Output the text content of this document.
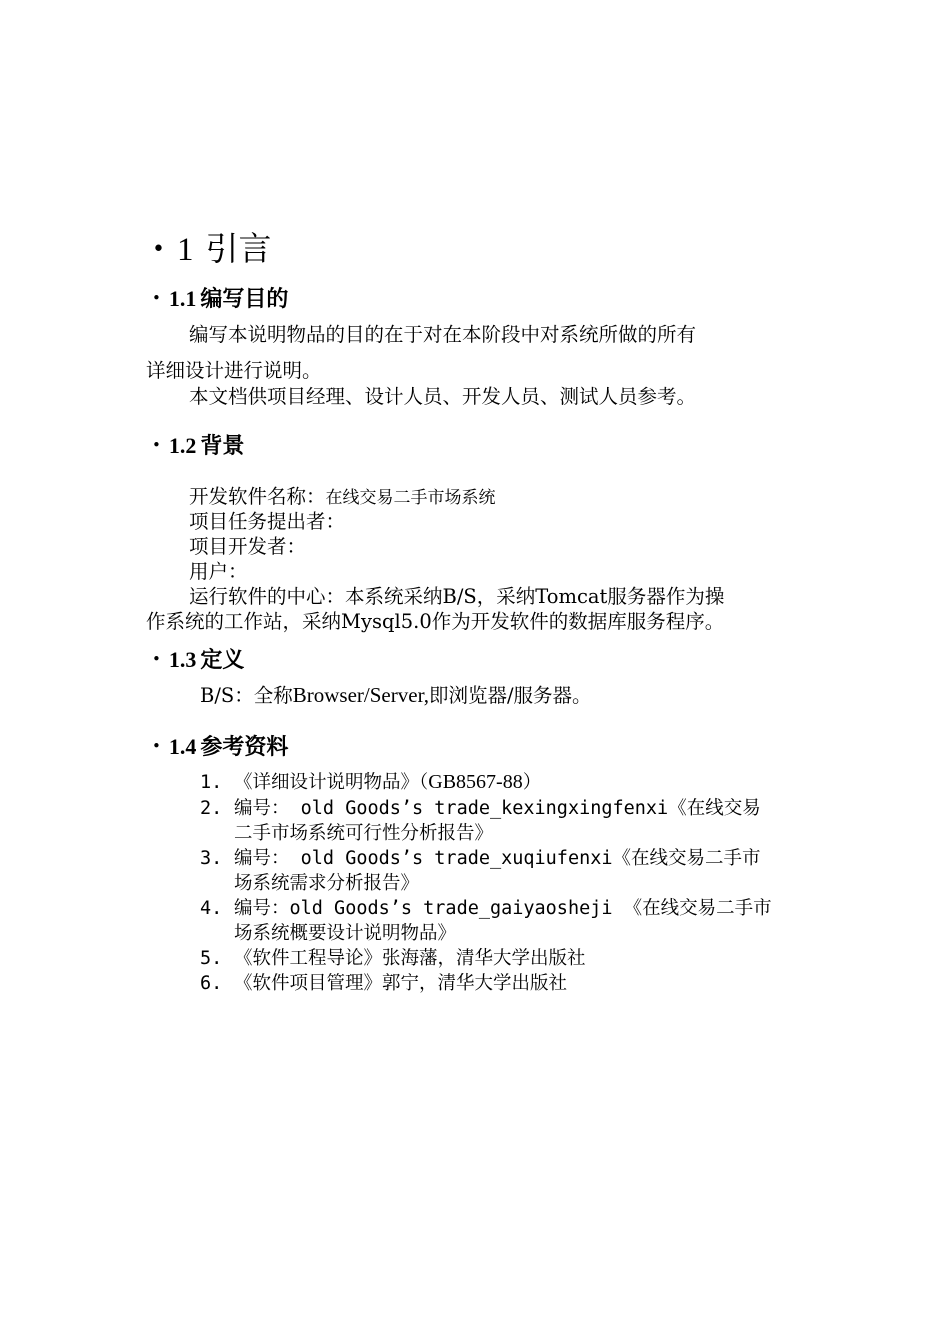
• 1 引言
• 1.1 编写目的
编写本说明物品的目的在于对在本阶段中对系统所做的所有
详细设计进行说明。
本文档供项目经理、设计人员、开发人员、测试人员参考。
• 1.2 背景
开发软件名称：在线交易二手市场系统
项目任务提出者：
项目开发者：
用户：
运行软件的中心：本系统采纳B/S，采纳Tomcat服务器作为操
作系统的工作站，采纳Mysql5.0作为开发软件的数据库服务程序。
• 1.3 定义
B/S：全称Browser/Server,即浏览器/服务器。
• 1.4 参考资料
1. 《详细设计说明物品》（GB8567-88）
2. 编号： old Goods’s trade_kexingxingfenxi《在线交易
二手市场系统可行性分析报告》
3. 编号： old Goods’s trade_xuqiufenxi《在线交易二手市
场系统需求分析报告》
4. 编号：old Goods’s trade_gaiyaosheji 《在线交易二手市
场系统概要设计说明物品》
5. 《软件工程导论》张海藩，清华大学出版社
6. 《软件项目管理》郭宁，清华大学出版社
